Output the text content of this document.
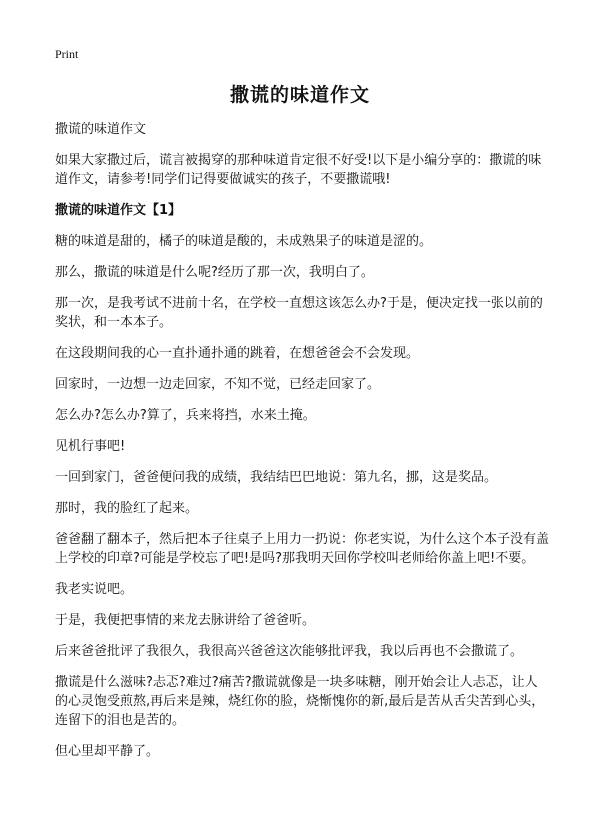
Print
撒谎的味道作文

撒谎的味道作文

如果大家撒过后，谎言被揭穿的那种味道肯定很不好受!以下是小编分享的：撒谎的味道作文，请参考!同学们记得要做诚实的孩子，不要撒谎哦!

撒谎的味道作文【1】

糖的味道是甜的，橘子的味道是酸的，未成熟果子的味道是涩的。

那么，撒谎的味道是什么呢?经历了那一次，我明白了。

那一次，是我考试不进前十名，在学校一直想这该怎么办?于是，便决定找一张以前的奖状，和一本本子。

在这段期间我的心一直扑通扑通的跳着，在想爸爸会不会发现。

回家时，一边想一边走回家，不知不觉，已经走回家了。

怎么办?怎么办?算了，兵来将挡，水来土掩。

见机行事吧!

一回到家门，爸爸便问我的成绩，我结结巴巴地说：第九名，挪，这是奖品。

那时，我的脸红了起来。

爸爸翻了翻本子，然后把本子往桌子上用力一扔说：你老实说，为什么这个本子没有盖上学校的印章?可能是学校忘了吧!是吗?那我明天回你学校叫老师给你盖上吧!不要。

我老实说吧。

于是，我便把事情的来龙去脉讲给了爸爸听。

后来爸爸批评了我很久，我很高兴爸爸这次能够批评我，我以后再也不会撒谎了。

撒谎是什么滋味?忐忑?难过?痛苦?撒谎就像是一块多味糖，刚开始会让人忐忑，让人的心灵饱受煎熬,再后来是辣，烧红你的脸，烧惭愧你的新,最后是苦从舌尖苦到心头，连留下的泪也是苦的。

但心里却平静了。
